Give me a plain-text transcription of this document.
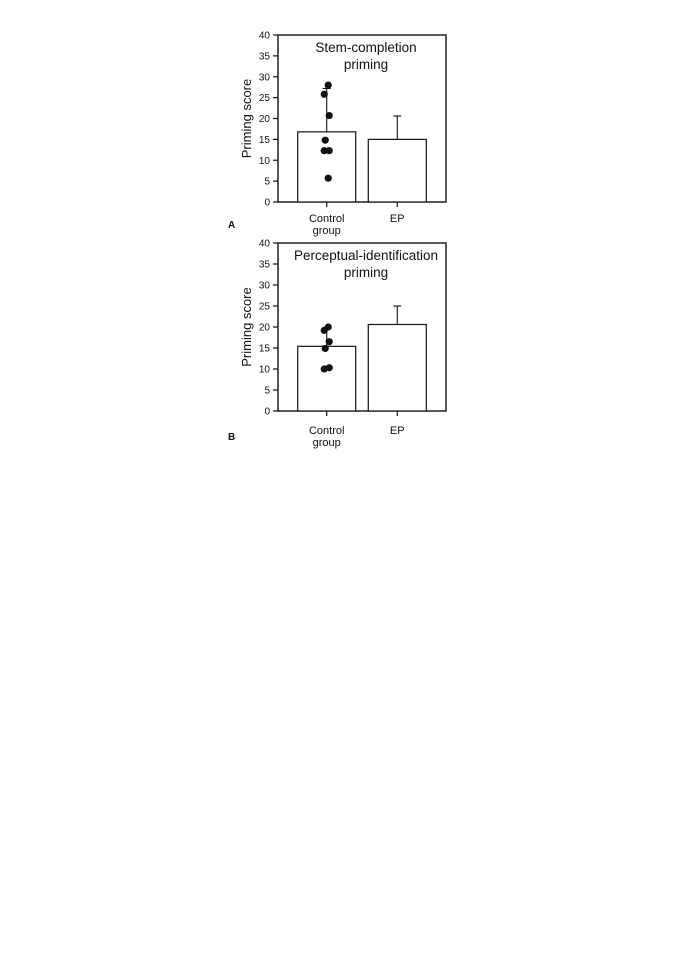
0
5
10
15
20
25
30
35
40
Priming score
Stem-completion priming
Control group
EP
A
0
5
10
15
20
25
30
35
40
Priming score
Perceptual-identification priming
Control group
EP
B
